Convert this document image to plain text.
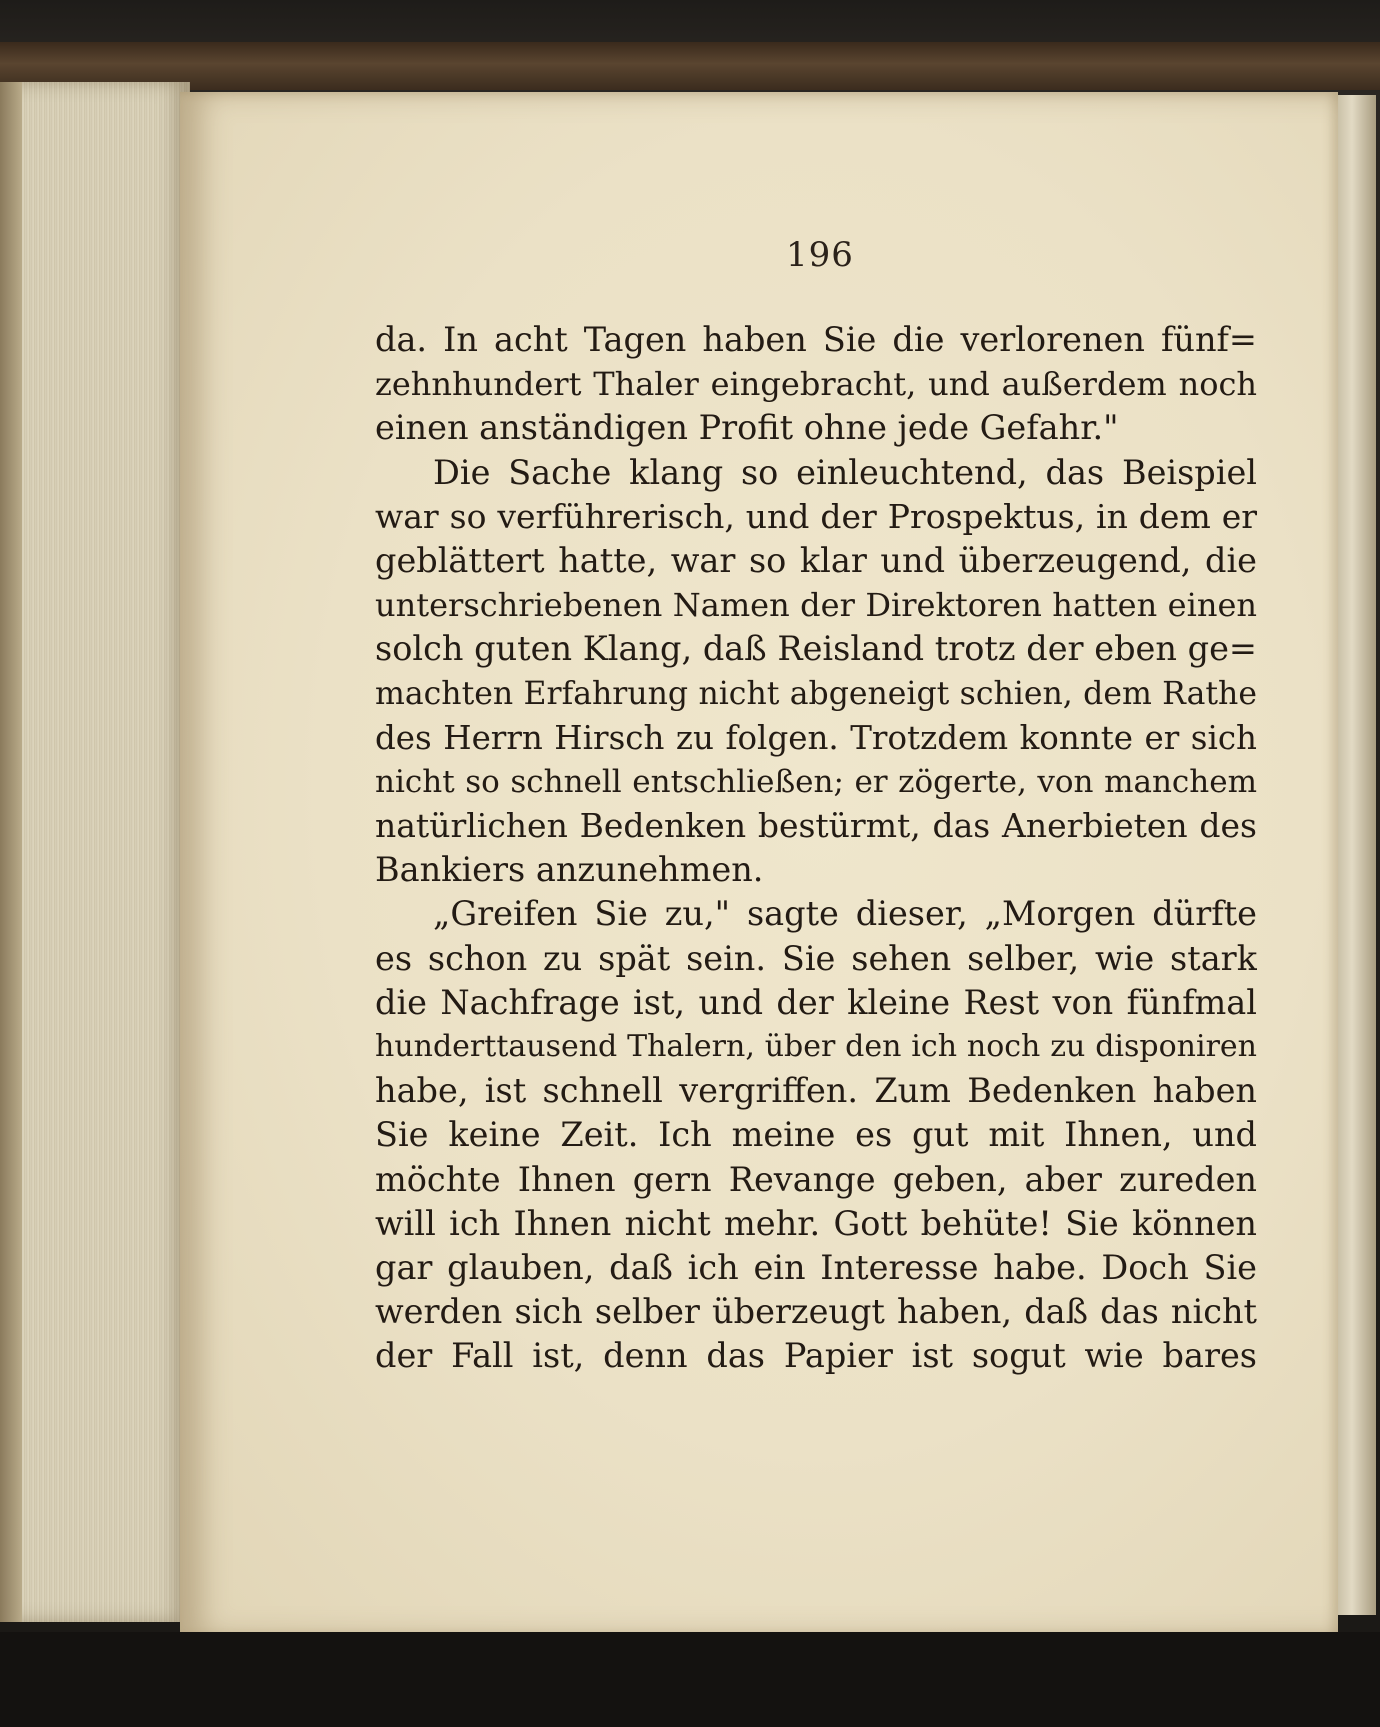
196
da. In acht Tagen haben Sie die verlorenen fünf=
zehnhundert Thaler eingebracht, und außerdem noch
einen anständigen Profit ohne jede Gefahr."
Die Sache klang so einleuchtend, das Beispiel
war so verführerisch, und der Prospektus, in dem er
geblättert hatte, war so klar und überzeugend, die
unterschriebenen Namen der Direktoren hatten einen
solch guten Klang, daß Reisland trotz der eben ge=
machten Erfahrung nicht abgeneigt schien, dem Rathe
des Herrn Hirsch zu folgen. Trotzdem konnte er sich
nicht so schnell entschließen; er zögerte, von manchem
natürlichen Bedenken bestürmt, das Anerbieten des
Bankiers anzunehmen.
„Greifen Sie zu," sagte dieser, „Morgen dürfte
es schon zu spät sein. Sie sehen selber, wie stark
die Nachfrage ist, und der kleine Rest von fünfmal
hunderttausend Thalern, über den ich noch zu disponiren
habe, ist schnell vergriffen. Zum Bedenken haben
Sie keine Zeit. Ich meine es gut mit Ihnen, und
möchte Ihnen gern Revange geben, aber zureden
will ich Ihnen nicht mehr. Gott behüte! Sie können
gar glauben, daß ich ein Interesse habe. Doch Sie
werden sich selber überzeugt haben, daß das nicht
der Fall ist, denn das Papier ist sogut wie bares
